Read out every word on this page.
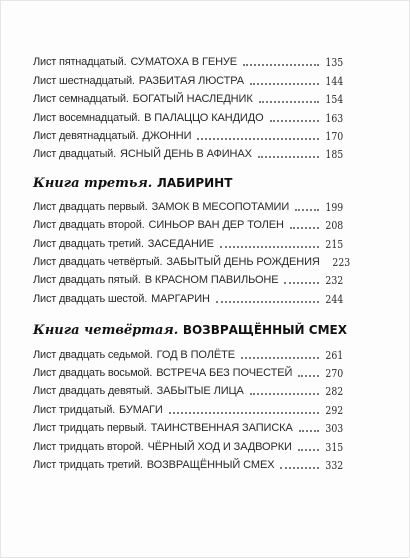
Лист пятнадцатый. СУМАТОХА В ГЕНУЕ	135
Лист шестнадцатый. РАЗБИТАЯ ЛЮСТРА	144
Лист семнадцатый. БОГАТЫЙ НАСЛЕДНИК	154
Лист восемнадцатый. В ПАЛАЦЦО КАНДИДО	163
Лист девятнадцатый. ДЖОННИ	170
Лист двадцатый. ЯСНЫЙ ДЕНЬ В АФИНАХ	185
Книга третья. ЛАБИРИНТ
Лист двадцать первый. ЗАМОК В МЕСОПОТАМИИ	199
Лист двадцать второй. СИНЬОР ВАН ДЕР ТОЛЕН	208
Лист двадцать третий. ЗАСЕДАНИЕ	215
Лист двадцать четвёртый. ЗАБЫТЫЙ ДЕНЬ РОЖДЕНИЯ 223
Лист двадцать пятый. В КРАСНОМ ПАВИЛЬОНЕ	232
Лист двадцать шестой. МАРГАРИН	244
Книга четвёртая. ВОЗВРАЩЁННЫЙ СМЕХ
Лист двадцать седьмой. ГОД В ПОЛЁТЕ	261
Лист двадцать восьмой. ВСТРЕЧА БЕЗ ПОЧЕСТЕЙ	270
Лист двадцать девятый. ЗАБЫТЫЕ ЛИЦА	282
Лист тридцатый. БУМАГИ	292
Лист тридцать первый. ТАИНСТВЕННАЯ ЗАПИСКА	303
Лист тридцать второй. ЧЁРНЫЙ ХОД И ЗАДВОРКИ	315
Лист тридцать третий. ВОЗВРАЩЁННЫЙ СМЕХ	332
